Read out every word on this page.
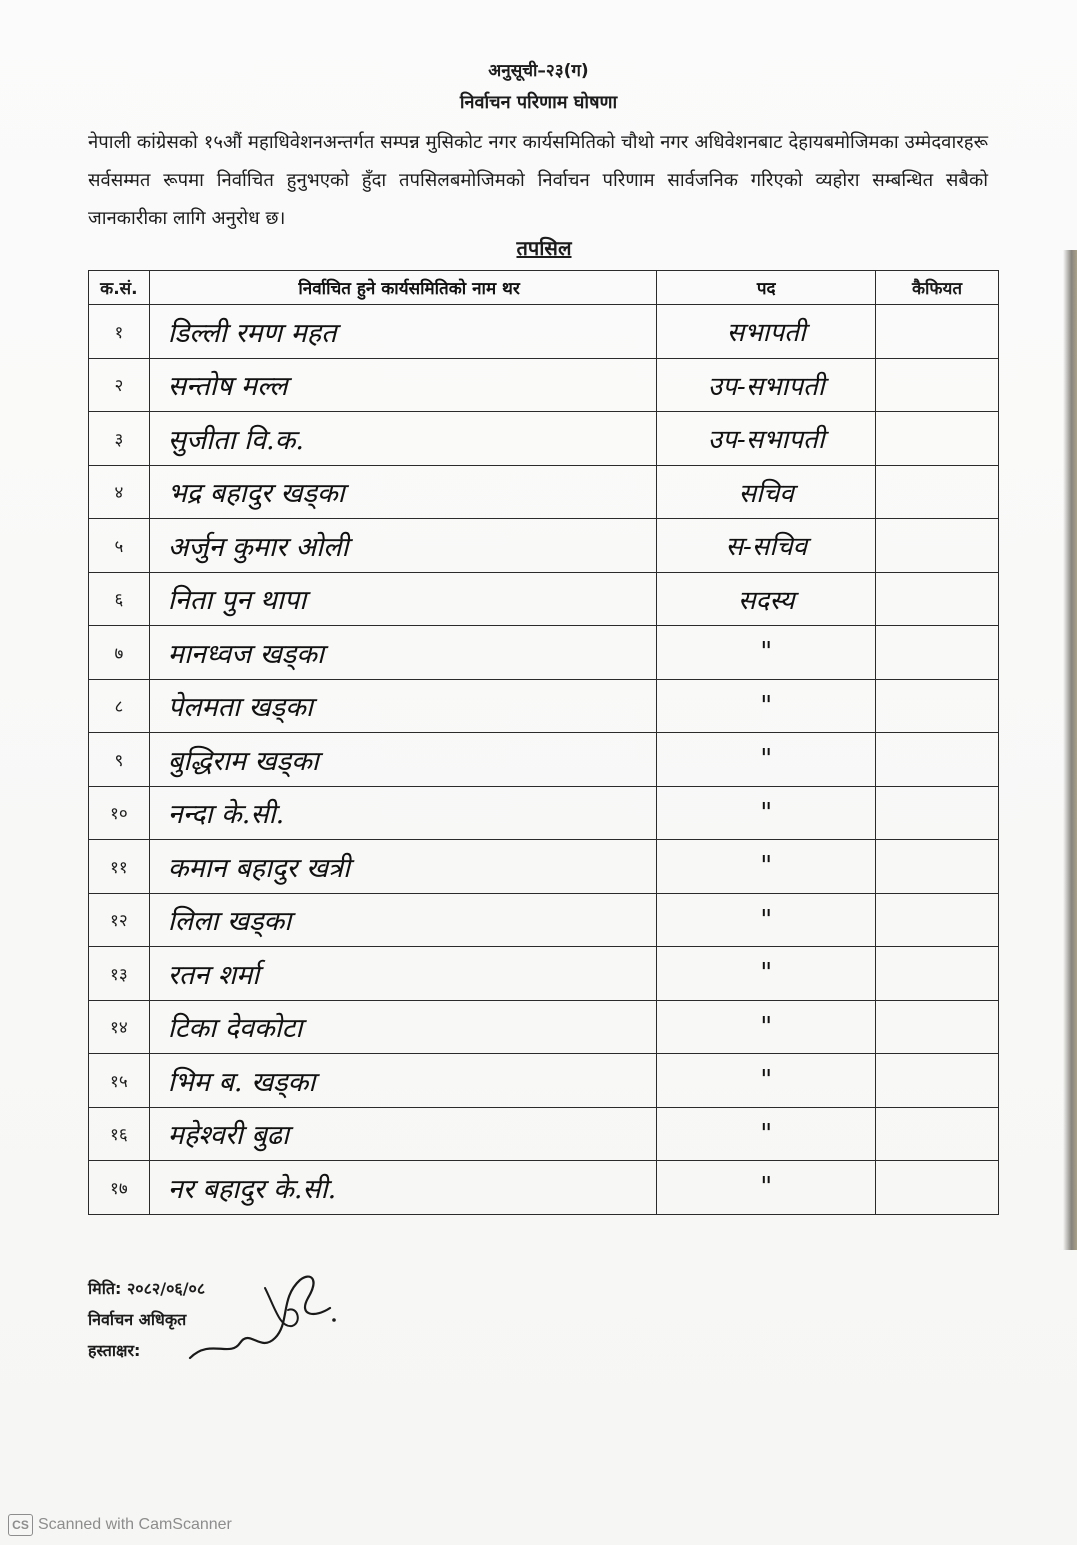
अनुसूची–२३(ग)
निर्वाचन परिणाम घोषणा
नेपाली कांग्रेसको १५औं महाधिवेशनअन्तर्गत सम्पन्न मुसिकोट नगर कार्यसमितिको चौथो नगर अधिवेशनबाट देहायबमोजिमका उम्मेदवारहरू सर्वसम्मत रूपमा निर्वाचित हुनुभएको हुँदा तपसिलबमोजिमको निर्वाचन परिणाम सार्वजनिक गरिएको व्यहोरा सम्बन्धित सबैको जानकारीका लागि अनुरोध छ।
तपसिल
क.सं.	निर्वाचित हुने कार्यसमितिको नाम थर	पद	कैफियत
१	डिल्ली रमण महत	सभापती	
२	सन्तोष मल्ल	उप-सभापती	
३	सुजीता वि.क.	उप-सभापती	
४	भद्र बहादुर खड्का	सचिव	
५	अर्जुन कुमार ओली	स-सचिव	
६	निता पुन थापा	सदस्य	
७	मानध्वज खड्का	"	
८	पेलमता खड्का	"	
९	बुद्धिराम खड्का	"	
१०	नन्दा के.सी.	"	
११	कमान बहादुर खत्री	"	
१२	लिला खड्का	"	
१३	रतन शर्मा	"	
१४	टिका देवकोटा	"	
१५	भिम ब. खड्का	"	
१६	महेश्वरी बुढा	"	
१७	नर बहादुर के.सी.	"	
मिति: २०८२/०६/०८
निर्वाचन अधिकृत
हस्ताक्षर:
CS Scanned with CamScanner
